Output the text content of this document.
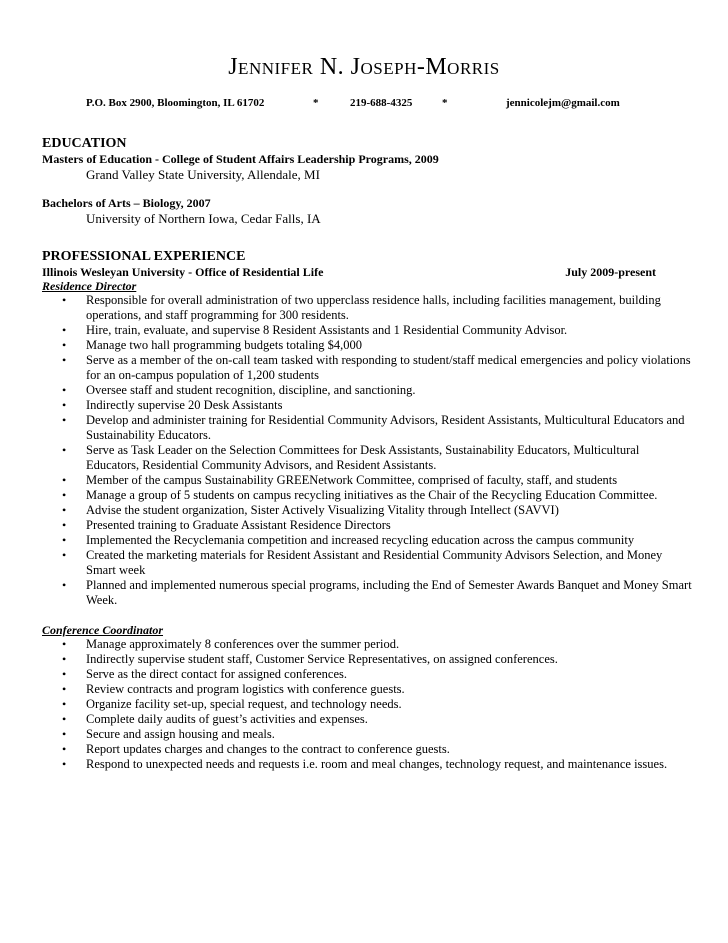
Jennifer N. Joseph-Morris
P.O. Box 2900, Bloomington, IL 61702	*	219-688-4325	*	jennicolejm@gmail.com
EDUCATION
Masters of Education - College of Student Affairs Leadership Programs, 2009
Grand Valley State University, Allendale, MI
Bachelors of Arts – Biology, 2007
University of Northern Iowa, Cedar Falls, IA
PROFESSIONAL EXPERIENCE
Illinois Wesleyan University - Office of Residential Life	July 2009-present
Residence Director
• Responsible for overall administration of two upperclass residence halls, including facilities management, building operations, and staff programming for 300 residents.
• Hire, train, evaluate, and supervise 8 Resident Assistants and 1 Residential Community Advisor.
• Manage two hall programming budgets totaling $4,000
• Serve as a member of the on-call team tasked with responding to student/staff medical emergencies and policy violations for an on-campus population of 1,200 students
• Oversee staff and student recognition, discipline, and sanctioning.
• Indirectly supervise 20 Desk Assistants
• Develop and administer training for Residential Community Advisors, Resident Assistants, Multicultural Educators and Sustainability Educators.
• Serve as Task Leader on the Selection Committees for Desk Assistants, Sustainability Educators, Multicultural Educators, Residential Community Advisors, and Resident Assistants.
• Member of the campus Sustainability GREENetwork Committee, comprised of faculty, staff, and students
• Manage a group of 5 students on campus recycling initiatives as the Chair of the Recycling Education Committee.
• Advise the student organization, Sister Actively Visualizing Vitality through Intellect (SAVVI)
• Presented training to Graduate Assistant Residence Directors
• Implemented the Recyclemania competition and increased recycling education across the campus community
• Created the marketing materials for Resident Assistant and Residential Community Advisors Selection, and Money Smart week
• Planned and implemented numerous special programs, including the End of Semester Awards Banquet and Money Smart Week.
Conference Coordinator
• Manage approximately 8 conferences over the summer period.
• Indirectly supervise student staff, Customer Service Representatives, on assigned conferences.
• Serve as the direct contact for assigned conferences.
• Review contracts and program logistics with conference guests.
• Organize facility set-up, special request, and technology needs.
• Complete daily audits of guest’s activities and expenses.
• Secure and assign housing and meals.
• Report updates charges and changes to the contract to conference guests.
• Respond to unexpected needs and requests i.e. room and meal changes, technology request, and maintenance issues.
